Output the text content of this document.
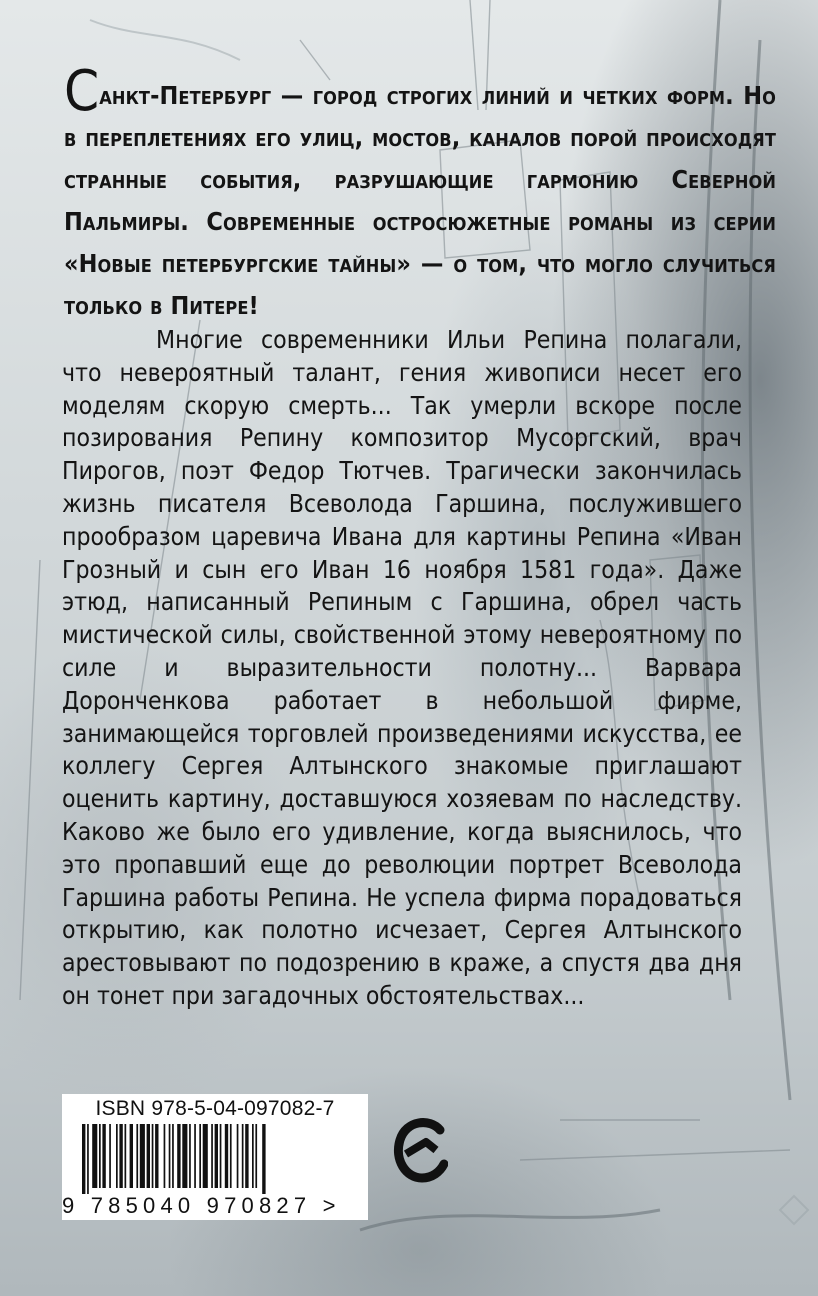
Санкт-Петербург — город строгих линий и четких форм. Но в переплетениях его улиц, мостов, каналов порой происходят странные события, разрушающие гармонию Северной Пальмиры. Современные остросюжетные романы из серии «Новые петербургские тайны» — о том, что могло случиться только в Питере!
Многие современники Ильи Репина полагали, что невероятный талант, гения живописи несет его моделям скорую смерть... Так умерли вскоре после позирования Репину композитор Мусоргский, врач Пирогов, поэт Федор Тютчев. Трагически закончилась жизнь писателя Всеволода Гаршина, послужившего прообразом царевича Ивана для картины Репина «Иван Грозный и сын его Иван 16 ноября 1581 года». Даже этюд, написанный Репиным с Гаршина, обрел часть мистической силы, свойственной этому невероятному по силе и выразительности полотну... Варвара Доронченкова работает в небольшой фирме, занимающейся торговлей произведениями искусства, ее коллегу Сергея Алтынского знакомые приглашают оценить картину, доставшуюся хозяевам по наследству. Каково же было его удивление, когда выяснилось, что это пропавший еще до революции портрет Всеволода Гаршина работы Репина. Не успела фирма порадоваться открытию, как полотно исчезает, Сергея Алтынского арестовывают по подозрению в краже, а спустя два дня он тонет при загадочных обстоятельствах...
ISBN 978-5-04-097082-7
9 785040 970827 >
